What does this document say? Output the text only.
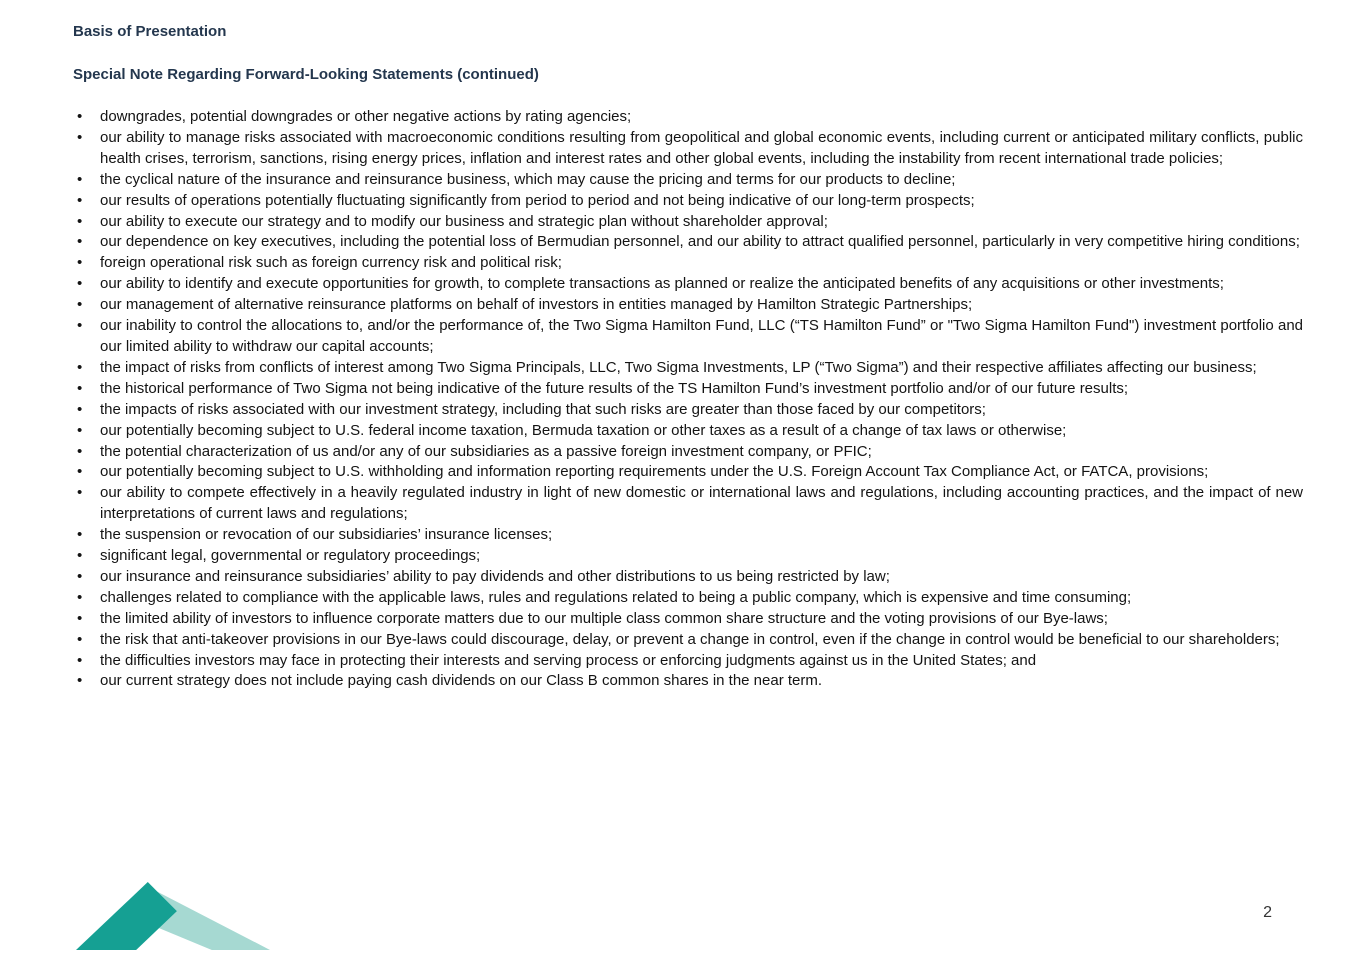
Basis of Presentation
Special Note Regarding Forward-Looking Statements (continued)
• downgrades, potential downgrades or other negative actions by rating agencies;
• our ability to manage risks associated with macroeconomic conditions resulting from geopolitical and global economic events, including current or anticipated military conflicts, public health crises, terrorism, sanctions, rising energy prices, inflation and interest rates and other global events, including the instability from recent international trade policies;
• the cyclical nature of the insurance and reinsurance business, which may cause the pricing and terms for our products to decline;
• our results of operations potentially fluctuating significantly from period to period and not being indicative of our long-term prospects;
• our ability to execute our strategy and to modify our business and strategic plan without shareholder approval;
• our dependence on key executives, including the potential loss of Bermudian personnel, and our ability to attract qualified personnel, particularly in very competitive hiring conditions;
• foreign operational risk such as foreign currency risk and political risk;
• our ability to identify and execute opportunities for growth, to complete transactions as planned or realize the anticipated benefits of any acquisitions or other investments;
• our management of alternative reinsurance platforms on behalf of investors in entities managed by Hamilton Strategic Partnerships;
• our inability to control the allocations to, and/or the performance of, the Two Sigma Hamilton Fund, LLC (“TS Hamilton Fund” or "Two Sigma Hamilton Fund") investment portfolio and our limited ability to withdraw our capital accounts;
• the impact of risks from conflicts of interest among Two Sigma Principals, LLC, Two Sigma Investments, LP (“Two Sigma”) and their respective affiliates affecting our business;
• the historical performance of Two Sigma not being indicative of the future results of the TS Hamilton Fund’s investment portfolio and/or of our future results;
• the impacts of risks associated with our investment strategy, including that such risks are greater than those faced by our competitors;
• our potentially becoming subject to U.S. federal income taxation, Bermuda taxation or other taxes as a result of a change of tax laws or otherwise;
• the potential characterization of us and/or any of our subsidiaries as a passive foreign investment company, or PFIC;
• our potentially becoming subject to U.S. withholding and information reporting requirements under the U.S. Foreign Account Tax Compliance Act, or FATCA, provisions;
• our ability to compete effectively in a heavily regulated industry in light of new domestic or international laws and regulations, including accounting practices, and the impact of new interpretations of current laws and regulations;
• the suspension or revocation of our subsidiaries’ insurance licenses;
• significant legal, governmental or regulatory proceedings;
• our insurance and reinsurance subsidiaries’ ability to pay dividends and other distributions to us being restricted by law;
• challenges related to compliance with the applicable laws, rules and regulations related to being a public company, which is expensive and time consuming;
• the limited ability of investors to influence corporate matters due to our multiple class common share structure and the voting provisions of our Bye-laws;
• the risk that anti-takeover provisions in our Bye-laws could discourage, delay, or prevent a change in control, even if the change in control would be beneficial to our shareholders;
• the difficulties investors may face in protecting their interests and serving process or enforcing judgments against us in the United States; and
• our current strategy does not include paying cash dividends on our Class B common shares in the near term.
2
